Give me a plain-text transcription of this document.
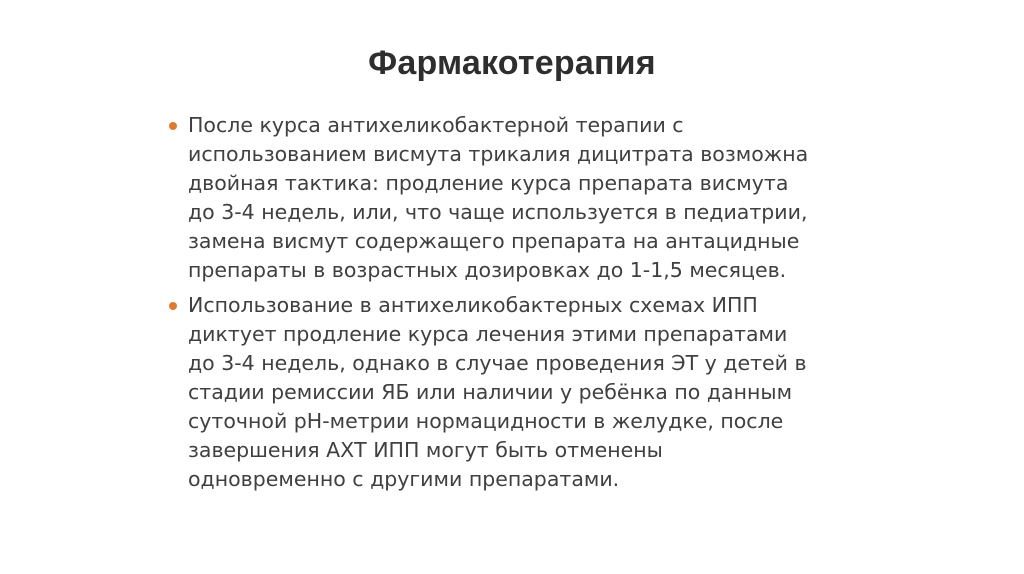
Фармакотерапия
После курса антихеликобактерной терапии с
использованием висмута трикалия дицитрата возможна
двойная тактика: продление курса препарата висмута
до 3-4 недель, или, что чаще используется в педиатрии,
замена висмут содержащего препарата на антацидные
препараты в возрастных дозировках до 1-1,5 месяцев.
Использование в антихеликобактерных схемах ИПП
диктует продление курса лечения этими препаратами
до 3-4 недель, однако в случае проведения ЭТ у детей в
стадии ремиссии ЯБ или наличии у ребёнка по данным
суточной рН-метрии нормацидности в желудке, после
завершения АХТ ИПП могут быть отменены
одновременно с другими препаратами.
